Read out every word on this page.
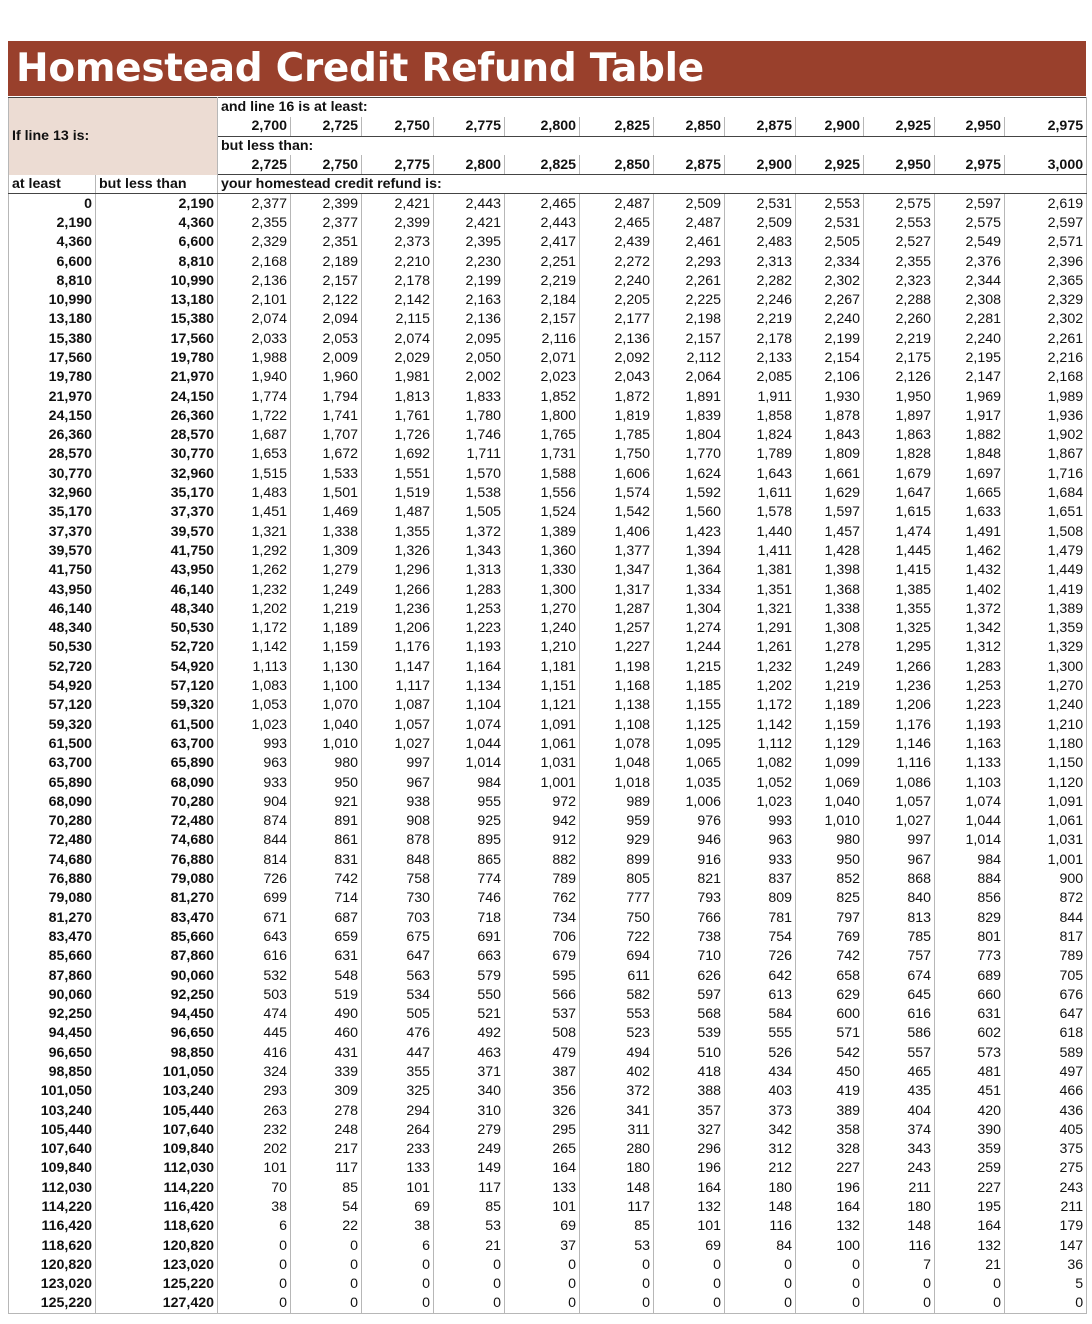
Homestead Credit Refund Table
If line 13 is:		and line 16 is at least:											
		2,700	2,725	2,750	2,775	2,800	2,825	2,850	2,875	2,900	2,925	2,950	2,975
		but less than:											
		2,725	2,750	2,775	2,800	2,825	2,850	2,875	2,900	2,925	2,950	2,975	3,000
at least	but less than	your homestead credit refund is:											
0	2,190	2,377	2,399	2,421	2,443	2,465	2,487	2,509	2,531	2,553	2,575	2,597	2,619
2,190	4,360	2,355	2,377	2,399	2,421	2,443	2,465	2,487	2,509	2,531	2,553	2,575	2,597
4,360	6,600	2,329	2,351	2,373	2,395	2,417	2,439	2,461	2,483	2,505	2,527	2,549	2,571
6,600	8,810	2,168	2,189	2,210	2,230	2,251	2,272	2,293	2,313	2,334	2,355	2,376	2,396
8,810	10,990	2,136	2,157	2,178	2,199	2,219	2,240	2,261	2,282	2,302	2,323	2,344	2,365
10,990	13,180	2,101	2,122	2,142	2,163	2,184	2,205	2,225	2,246	2,267	2,288	2,308	2,329
13,180	15,380	2,074	2,094	2,115	2,136	2,157	2,177	2,198	2,219	2,240	2,260	2,281	2,302
15,380	17,560	2,033	2,053	2,074	2,095	2,116	2,136	2,157	2,178	2,199	2,219	2,240	2,261
17,560	19,780	1,988	2,009	2,029	2,050	2,071	2,092	2,112	2,133	2,154	2,175	2,195	2,216
19,780	21,970	1,940	1,960	1,981	2,002	2,023	2,043	2,064	2,085	2,106	2,126	2,147	2,168
21,970	24,150	1,774	1,794	1,813	1,833	1,852	1,872	1,891	1,911	1,930	1,950	1,969	1,989
24,150	26,360	1,722	1,741	1,761	1,780	1,800	1,819	1,839	1,858	1,878	1,897	1,917	1,936
26,360	28,570	1,687	1,707	1,726	1,746	1,765	1,785	1,804	1,824	1,843	1,863	1,882	1,902
28,570	30,770	1,653	1,672	1,692	1,711	1,731	1,750	1,770	1,789	1,809	1,828	1,848	1,867
30,770	32,960	1,515	1,533	1,551	1,570	1,588	1,606	1,624	1,643	1,661	1,679	1,697	1,716
32,960	35,170	1,483	1,501	1,519	1,538	1,556	1,574	1,592	1,611	1,629	1,647	1,665	1,684
35,170	37,370	1,451	1,469	1,487	1,505	1,524	1,542	1,560	1,578	1,597	1,615	1,633	1,651
37,370	39,570	1,321	1,338	1,355	1,372	1,389	1,406	1,423	1,440	1,457	1,474	1,491	1,508
39,570	41,750	1,292	1,309	1,326	1,343	1,360	1,377	1,394	1,411	1,428	1,445	1,462	1,479
41,750	43,950	1,262	1,279	1,296	1,313	1,330	1,347	1,364	1,381	1,398	1,415	1,432	1,449
43,950	46,140	1,232	1,249	1,266	1,283	1,300	1,317	1,334	1,351	1,368	1,385	1,402	1,419
46,140	48,340	1,202	1,219	1,236	1,253	1,270	1,287	1,304	1,321	1,338	1,355	1,372	1,389
48,340	50,530	1,172	1,189	1,206	1,223	1,240	1,257	1,274	1,291	1,308	1,325	1,342	1,359
50,530	52,720	1,142	1,159	1,176	1,193	1,210	1,227	1,244	1,261	1,278	1,295	1,312	1,329
52,720	54,920	1,113	1,130	1,147	1,164	1,181	1,198	1,215	1,232	1,249	1,266	1,283	1,300
54,920	57,120	1,083	1,100	1,117	1,134	1,151	1,168	1,185	1,202	1,219	1,236	1,253	1,270
57,120	59,320	1,053	1,070	1,087	1,104	1,121	1,138	1,155	1,172	1,189	1,206	1,223	1,240
59,320	61,500	1,023	1,040	1,057	1,074	1,091	1,108	1,125	1,142	1,159	1,176	1,193	1,210
61,500	63,700	993	1,010	1,027	1,044	1,061	1,078	1,095	1,112	1,129	1,146	1,163	1,180
63,700	65,890	963	980	997	1,014	1,031	1,048	1,065	1,082	1,099	1,116	1,133	1,150
65,890	68,090	933	950	967	984	1,001	1,018	1,035	1,052	1,069	1,086	1,103	1,120
68,090	70,280	904	921	938	955	972	989	1,006	1,023	1,040	1,057	1,074	1,091
70,280	72,480	874	891	908	925	942	959	976	993	1,010	1,027	1,044	1,061
72,480	74,680	844	861	878	895	912	929	946	963	980	997	1,014	1,031
74,680	76,880	814	831	848	865	882	899	916	933	950	967	984	1,001
76,880	79,080	726	742	758	774	789	805	821	837	852	868	884	900
79,080	81,270	699	714	730	746	762	777	793	809	825	840	856	872
81,270	83,470	671	687	703	718	734	750	766	781	797	813	829	844
83,470	85,660	643	659	675	691	706	722	738	754	769	785	801	817
85,660	87,860	616	631	647	663	679	694	710	726	742	757	773	789
87,860	90,060	532	548	563	579	595	611	626	642	658	674	689	705
90,060	92,250	503	519	534	550	566	582	597	613	629	645	660	676
92,250	94,450	474	490	505	521	537	553	568	584	600	616	631	647
94,450	96,650	445	460	476	492	508	523	539	555	571	586	602	618
96,650	98,850	416	431	447	463	479	494	510	526	542	557	573	589
98,850	101,050	324	339	355	371	387	402	418	434	450	465	481	497
101,050	103,240	293	309	325	340	356	372	388	403	419	435	451	466
103,240	105,440	263	278	294	310	326	341	357	373	389	404	420	436
105,440	107,640	232	248	264	279	295	311	327	342	358	374	390	405
107,640	109,840	202	217	233	249	265	280	296	312	328	343	359	375
109,840	112,030	101	117	133	149	164	180	196	212	227	243	259	275
112,030	114,220	70	85	101	117	133	148	164	180	196	211	227	243
114,220	116,420	38	54	69	85	101	117	132	148	164	180	195	211
116,420	118,620	6	22	38	53	69	85	101	116	132	148	164	179
118,620	120,820	0	0	6	21	37	53	69	84	100	116	132	147
120,820	123,020	0	0	0	0	0	0	0	0	0	7	21	36
123,020	125,220	0	0	0	0	0	0	0	0	0	0	0	5
125,220	127,420	0	0	0	0	0	0	0	0	0	0	0	0
